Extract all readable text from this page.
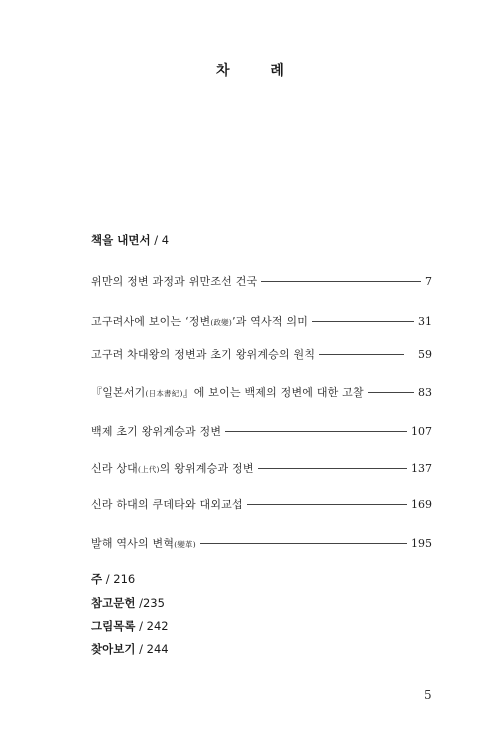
차 례
책을 내면서 / 4
위만의 정변 과정과 위만조선 건국	7
고구려사에 보이는 ‘정변(政變)’과 역사적 의미	31
고구려 차대왕의 정변과 초기 왕위계승의 원칙	59
『일본서기(日本書紀)』에 보이는 백제의 정변에 대한 고찰	83
백제 초기 왕위계승과 정변	107
신라 상대(上代)의 왕위계승과 정변	137
신라 하대의 쿠데타와 대외교섭	169
발해 역사의 변혁(變革)	195
주 / 216
참고문헌 /235
그림목록 / 242
찾아보기 / 244
5
